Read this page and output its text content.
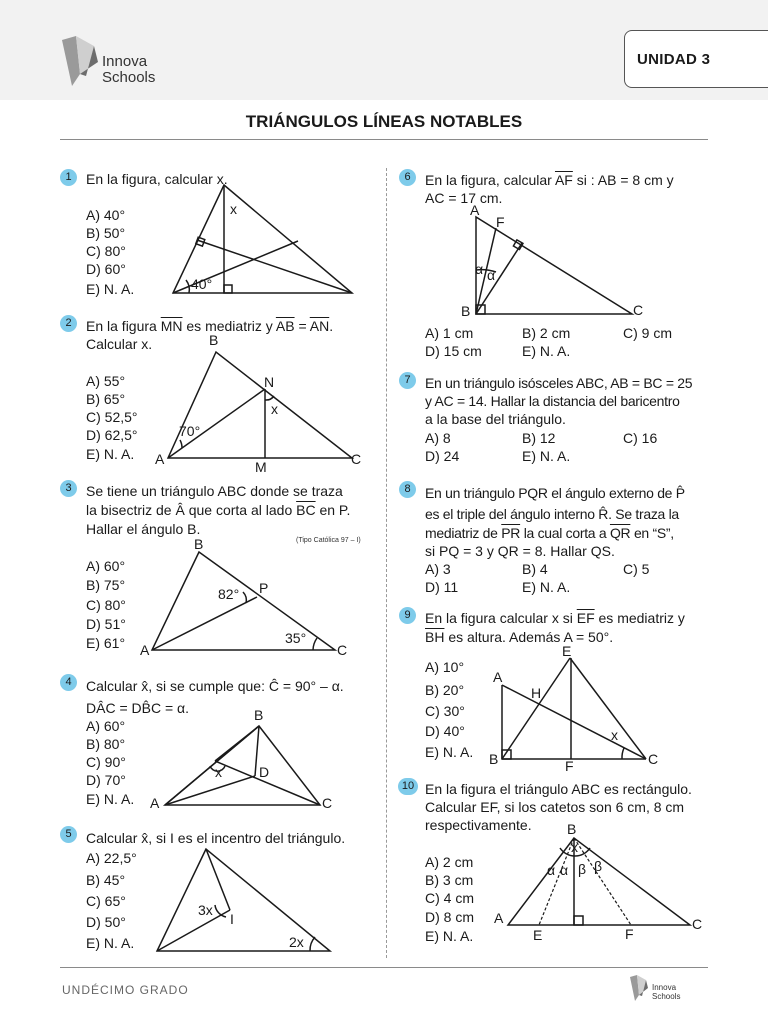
Innova
Schools
UNIDAD 3
TRIÁNGULOS LÍNEAS NOTABLES
1	En la figura, calcular x.
A) 40°
B) 50°
C) 80°
D) 60°
E) N. A.
x
40°
2	En la figura $\overline{MN}$ es mediatriz y $\overline{AB} = \overline{AN}$.
Calcular x.
A) 55°
B) 65°
C) 52,5°
D) 62,5°
E) N. A.
B
N
x
70°
A	M	C
3	Se tiene un triángulo ABC donde se traza
la bisectriz de Â que corta al lado $\overline{BC}$ en P.
Hallar el ángulo B.
(Tipo Católica 97 – I)
A) 60°
B) 75°
C) 80°
D) 51°
E) 61°
B
82° P
35°
A	C
4	Calcular x̂, si se cumple que: Ĉ = 90° – α.
DÂC = DB̂C = α.
A) 60°
B) 80°
C) 90°
D) 70°
E) N. A.
B
x	D
A	C
5	Calcular x̂, si I es el incentro del triángulo.
A) 22,5°
B) 45°
C) 65°
D) 50°
E) N. A.
3x
I
2x
6	En la figura, calcular $\overline{AF}$ si : AB = 8 cm y
AC = 17 cm.
A) 1 cm	B) 2 cm	C) 9 cm
D) 15 cm	E) N. A.
A
F
α α
B	C
7	En un triángulo isósceles ABC, AB = BC = 25
y AC = 14. Hallar la distancia del baricentro
a la base del triángulo.
A) 8	B) 12	C) 16
D) 24	E) N. A.
8	En un triángulo PQR el ángulo externo de P̂
es el triple del ángulo interno R̂. Se traza la
mediatriz de $\overline{PR}$ la cual corta a $\overline{QR}$ en “S”,
si PQ = 3 y QR = 8. Hallar QS.
A) 3	B) 4	C) 5
D) 11	E) N. A.
9	En la figura calcular x si $\overline{EF}$ es mediatriz y
$\overline{BH}$ es altura. Además A = 50°.
A) 10°
B) 20°
C) 30°
D) 40°
E) N. A.
E
A
H
x
B	F	C
10 En la figura el triángulo ABC es rectángulo.
Calcular EF, si los catetos son 6 cm, 8 cm
respectivamente.
A) 2 cm
B) 3 cm
C) 4 cm
D) 8 cm
E) N. A.
B
x
α α β β
A
E	F
C
UNDÉCIMO GRADO	Innova
Schools
